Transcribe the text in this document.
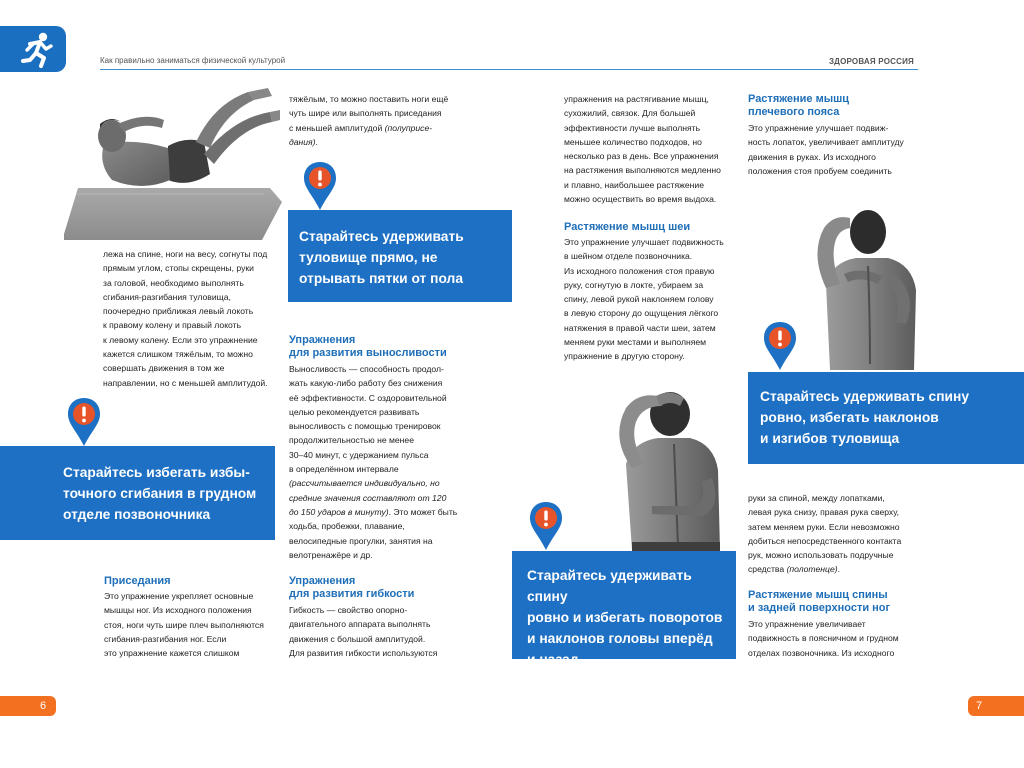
Как правильно заниматься физической культурой	ЗДОРОВАЯ РОССИЯ
лежа на спине, ноги на весу, согнуты под
прямым углом, стопы скрещены, руки
за головой, необходимо выполнять
сгибания-разгибания туловища,
поочередно приближая левый локоть
к правому колену и правый локоть
к левому колену. Если это упражнение
кажется слишком тяжёлым, то можно
совершать движения в том же
направлении, но с меньшей амплитудой.
Старайтесь избегать избы-
точного сгибания в грудном
отделе позвоночника
Приседания
Это упражнение укрепляет основные
мышцы ног. Из исходного положения
стоя, ноги чуть шире плеч выполняются
сгибания-разгибания ног. Если
это упражнение кажется слишком
тяжёлым, то можно поставить ноги ещё
чуть шире или выполнять приседания
с меньшей амплитудой (полуприсе-
дания).
Старайтесь удерживать
туловище прямо, не
отрывать пятки от пола
Упражнения
для развития выносливости
Выносливость — способность продол-
жать какую-либо работу без снижения
её эффективности. С оздоровительной
целью рекомендуется развивать
выносливость с помощью тренировок
продолжительностью не менее
30–40 минут, с удержанием пульса
в определённом интервале
(рассчитывается индивидуально, но
средние значения составляют от 120
до 150 ударов в минуту). Это может быть
ходьба, пробежки, плавание,
велосипедные прогулки, занятия на
велотренажёре и др.
Упражнения
для развития гибкости
Гибкость — свойство опорно-
двигательного аппарата выполнять
движения с большой амплитудой.
Для развития гибкости используются
6
упражнения на растягивание мышц,
сухожилий, связок. Для большей
эффективности лучше выполнять
меньшее количество подходов, но
несколько раз в день. Все упражнения
на растяжения выполняются медленно
и плавно, наибольшее растяжение
можно осуществить во время выдоха.
Растяжение мышц шеи
Это упражнение улучшает подвижность
в шейном отделе позвоночника.
Из исходного положения стоя правую
руку, согнутую в локте, убираем за
спину, левой рукой наклоняем голову
в левую сторону до ощущения лёгкого
натяжения в правой части шеи, затем
меняем руки местами и выполняем
упражнение в другую сторону.
Старайтесь удерживать спину
ровно и избегать поворотов
и наклонов головы вперёд
и назад
Растяжение мышц
плечевого пояса
Это упражнение улучшает подвиж-
ность лопаток, увеличивает амплитуду
движения в руках. Из исходного
положения стоя пробуем соединить
Старайтесь удерживать спину
ровно, избегать наклонов
и изгибов туловища
руки за спиной, между лопатками,
левая рука снизу, правая рука сверху,
затем меняем руки. Если невозможно
добиться непосредственного контакта
рук, можно использовать подручные
средства (полотенце).
Растяжение мышц спины
и задней поверхности ног
Это упражнение увеличивает
подвижность в поясничном и грудном
отделах позвоночника. Из исходного
7
